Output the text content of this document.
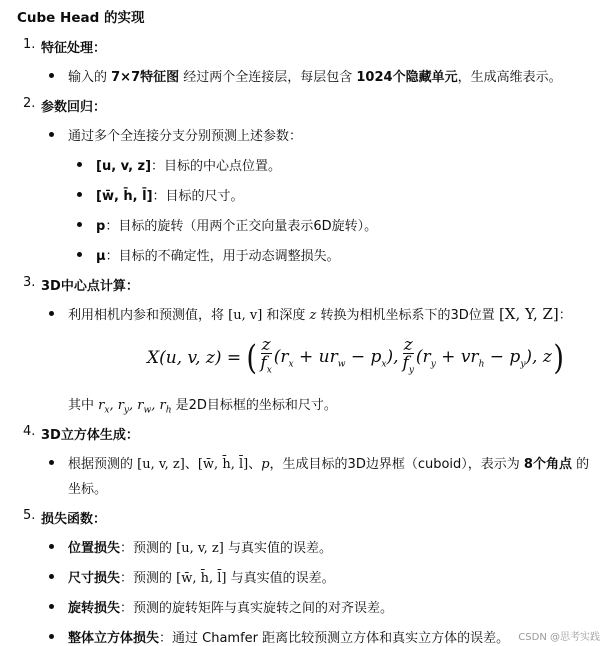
Cube Head 的实现
1. 特征处理：
输入的 7×7特征图 经过两个全连接层，每层包含 1024个隐藏单元，生成高维表示。
2. 参数回归：
通过多个全连接分支分别预测上述参数：
[u, v, z]：目标的中心点位置。
[w̄, h̄, l̄]：目标的尺寸。
p：目标的旋转（用两个正交向量表示6D旋转）。
μ：目标的不确定性，用于动态调整损失。
3. 3D中心点计算：
利用相机内参和预测值，将 [u, v] 和深度 z 转换为相机坐标系下的3D位置 [X, Y, Z]：
X(u, v, z) = ( $\frac{z}{f_x} (r_x + ur_w - p_x)$, $\frac{z}{f_y} (r_y + vr_h - p_y)$, z )
其中 $r_x$, $r_y$, $r_w$, $r_h$ 是2D目标框的坐标和尺寸。
4. 3D立方体生成：
根据预测的 [u, v, z]、[w̄, h̄, l̄]、p，生成目标的3D边界框（cuboid），表示为 8个角点 的
坐标。
5. 损失函数：
位置损失：预测的 [u, v, z] 与真实值的误差。
尺寸损失：预测的 [w̄, h̄, l̄] 与真实值的误差。
旋转损失：预测的旋转矩阵与真实旋转之间的对齐误差。
整体立方体损失：通过 Chamfer 距离比较预测立方体和真实立方体的误差。 CSDN @思考实践
